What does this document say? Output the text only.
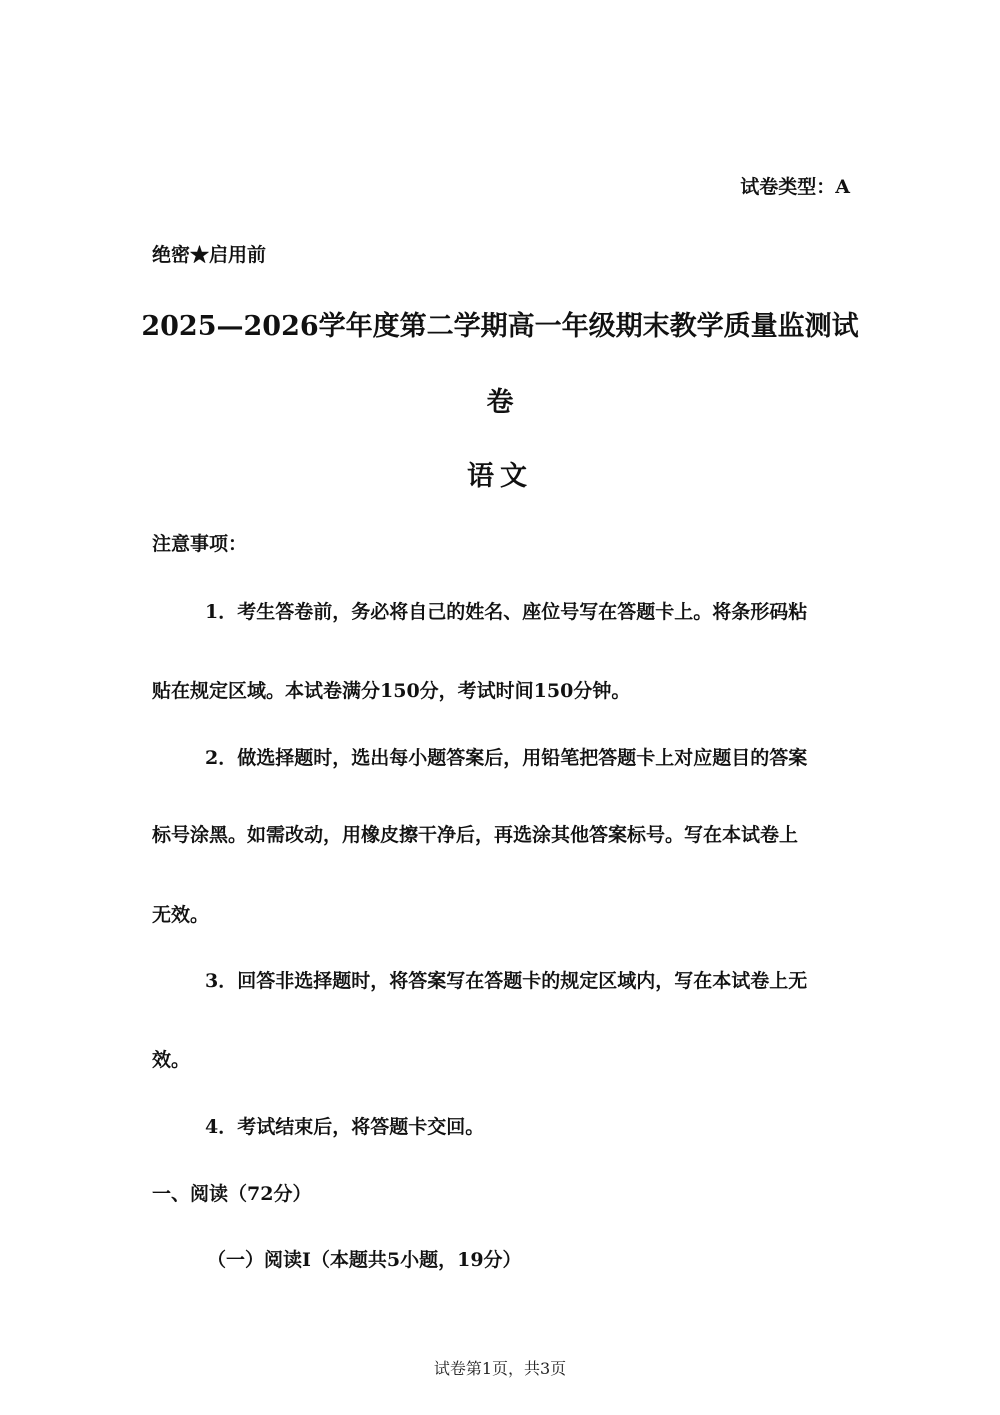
试卷类型：A
绝密★启用前
2025—2026学年度第二学期高一年级期末教学质量监测试
卷
语文
注意事项：
1．考生答卷前，务必将自己的姓名、座位号写在答题卡上。将条形码粘
贴在规定区域。本试卷满分150分，考试时间150分钟。
2．做选择题时，选出每小题答案后，用铅笔把答题卡上对应题目的答案
标号涂黑。如需改动，用橡皮擦干净后，再选涂其他答案标号。写在本试卷上
无效。
3．回答非选择题时，将答案写在答题卡的规定区域内，写在本试卷上无
效。
4．考试结束后，将答题卡交回。
一、阅读（72分）
（一）阅读I（本题共5小题，19分）
试卷第1页，共3页
